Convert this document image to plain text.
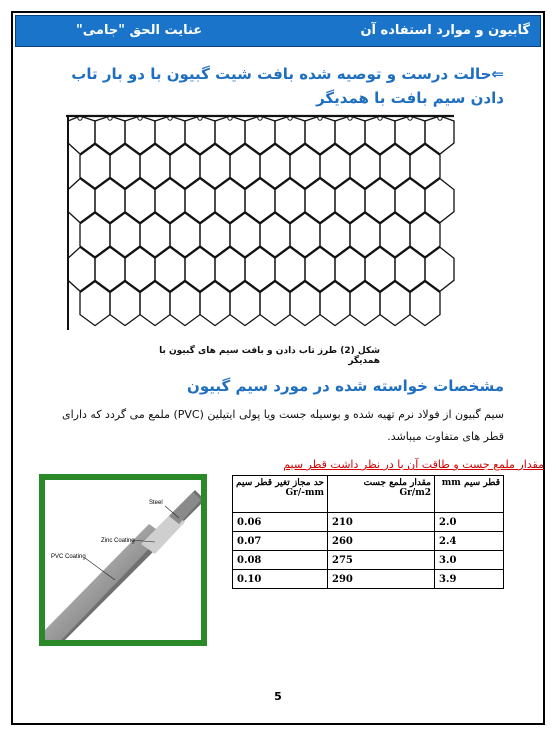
گابیون و موارد استفاده آن
عنایت الحق "جامی"
⇐حالت درست و توصیه شده بافت شیت گبیون با دو بار تاب دادن سیم بافت با همدیگر
شکل (2) طرز تاب دادن و بافت سیم های گبیون با همدیگر
مشخصات خواسته شده در مورد سیم گبیون
سیم گبیون از فولاد نرم تهیه شده و بوسیله جست ویا پولی ایتیلین (PVC) ملمع می گردد که دارای قطر های متفاوت میباشد.
مقدار ملمع جست و طاقت آن با در نظر داشت قطر سیم
Steel
Zinc Coating
PVC Coating
قطر سیم mm	مقدار ملمع جست Gr/m2	حد مجاز تغیر قطر سیم Gr/-mm
2.0	210	0.06
2.4	260	0.07
3.0	275	0.08
3.9	290	0.10
5
